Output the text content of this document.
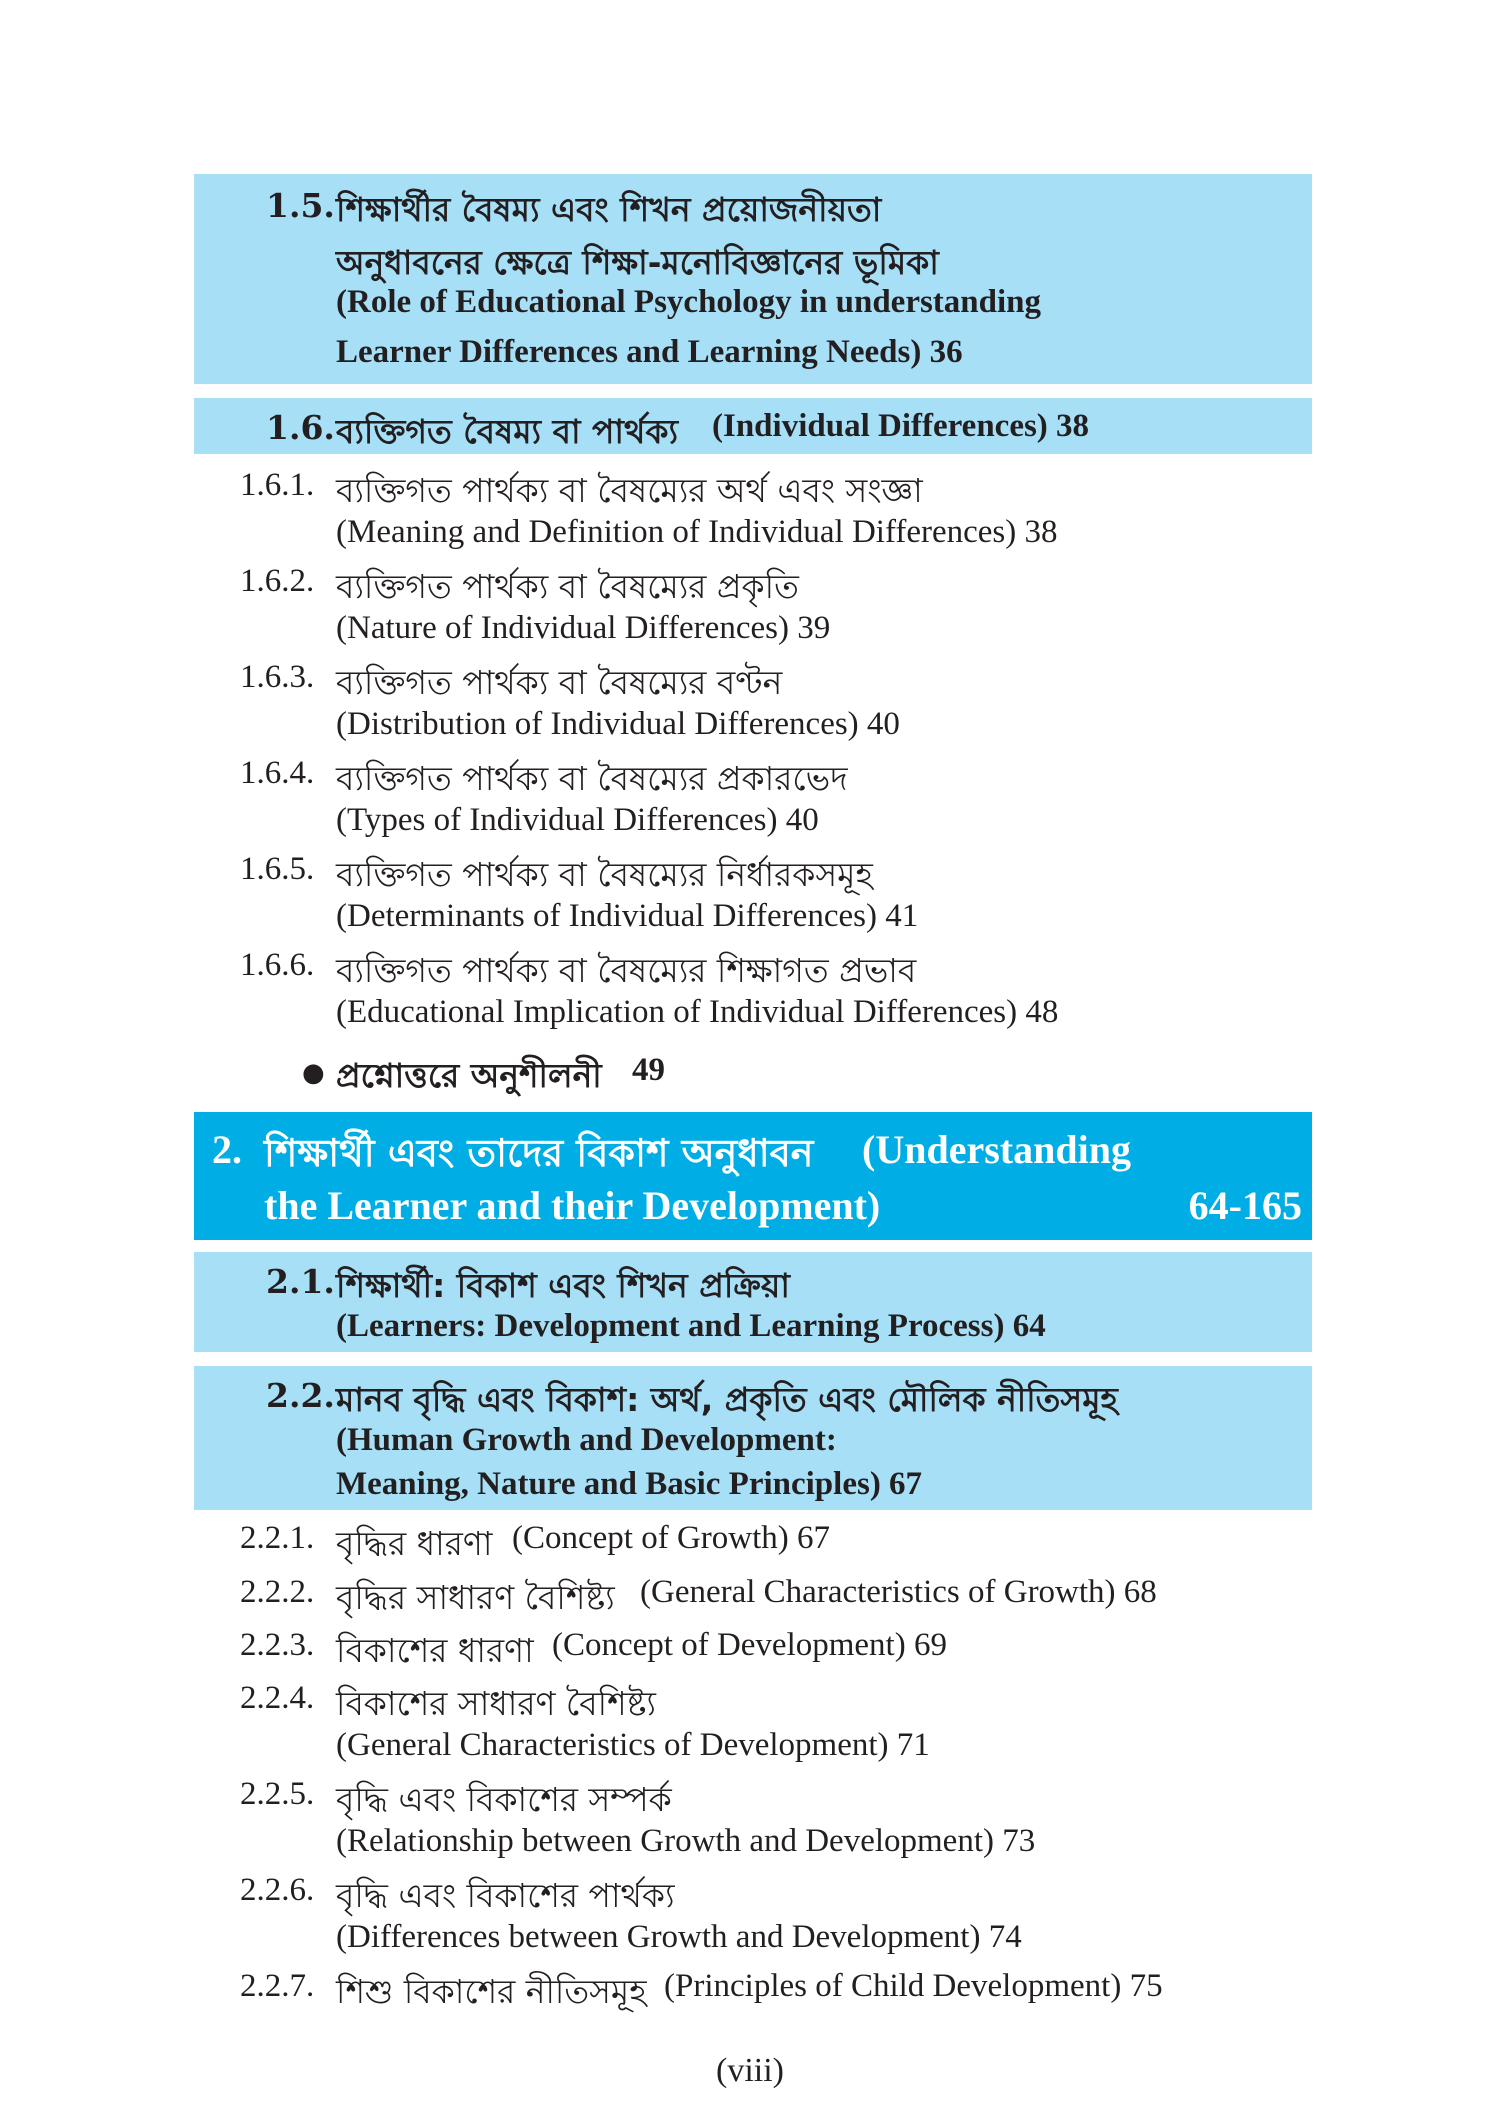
1.5. শিক্ষার্থীর বৈষম্য এবং শিখন প্রয়োজনীয়তা
অনুধাবনের ক্ষেত্রে শিক্ষা-মনোবিজ্ঞানের ভূমিকা
(Role of Educational Psychology in understanding
Learner Differences and Learning Needs) 36
1.6. ব্যক্তিগত বৈষম্য বা পার্থক্য (Individual Differences) 38
1.6.1. ব্যক্তিগত পার্থক্য বা বৈষম্যের অর্থ এবং সংজ্ঞা
(Meaning and Definition of Individual Differences) 38
1.6.2. ব্যক্তিগত পার্থক্য বা বৈষম্যের প্রকৃতি
(Nature of Individual Differences) 39
1.6.3. ব্যক্তিগত পার্থক্য বা বৈষম্যের বণ্টন
(Distribution of Individual Differences) 40
1.6.4. ব্যক্তিগত পার্থক্য বা বৈষম্যের প্রকারভেদ
(Types of Individual Differences) 40
1.6.5. ব্যক্তিগত পার্থক্য বা বৈষম্যের নির্ধারকসমূহ
(Determinants of Individual Differences) 41
1.6.6. ব্যক্তিগত পার্থক্য বা বৈষম্যের শিক্ষাগত প্রভাব
(Educational Implication of Individual Differences) 48
● প্রশ্নোত্তরে অনুশীলনী 49
2. শিক্ষার্থী এবং তাদের বিকাশ অনুধাবন (Understanding
the Learner and their Development)	64-165
2.1. শিক্ষার্থী: বিকাশ এবং শিখন প্রক্রিয়া
(Learners: Development and Learning Process) 64
2.2. মানব বৃদ্ধি এবং বিকাশ: অর্থ, প্রকৃতি এবং মৌলিক নীতিসমূহ
(Human Growth and Development:
Meaning, Nature and Basic Principles) 67
2.2.1. বৃদ্ধির ধারণা (Concept of Growth) 67
2.2.2. বৃদ্ধির সাধারণ বৈশিষ্ট্য (General Characteristics of Growth) 68
2.2.3. বিকাশের ধারণা (Concept of Development) 69
2.2.4. বিকাশের সাধারণ বৈশিষ্ট্য
(General Characteristics of Development) 71
2.2.5. বৃদ্ধি এবং বিকাশের সম্পর্ক
(Relationship between Growth and Development) 73
2.2.6. বৃদ্ধি এবং বিকাশের পার্থক্য
(Differences between Growth and Development) 74
2.2.7. শিশু বিকাশের নীতিসমূহ (Principles of Child Development) 75
(viii)
